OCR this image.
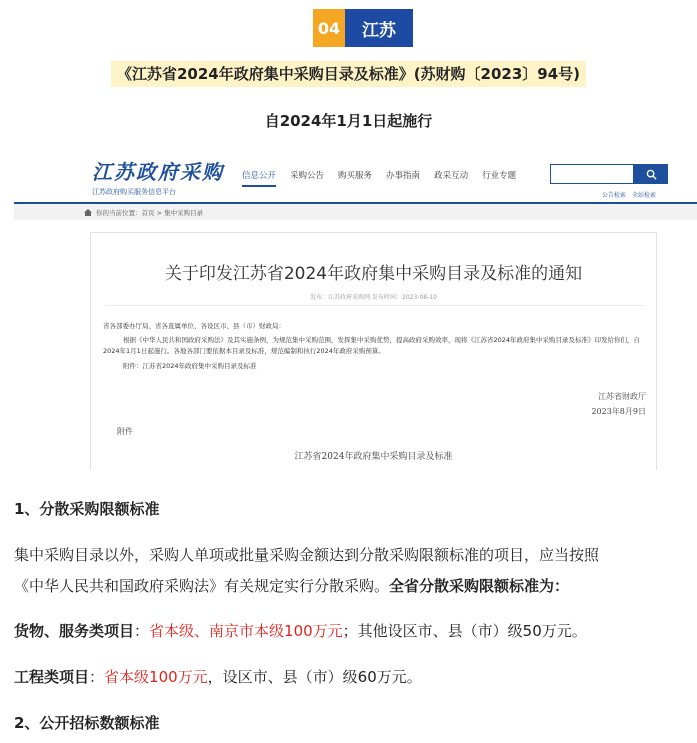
04	江苏
《江苏省2024年政府集中采购目录及标准》(苏财购〔2023〕94号)
自2024年1月1日起施行
江苏政府采购
江苏政府购买服务信息平台
信息公开 采购公告 购买服务 办事指南 政采互动 行业专题
公告检索 全站检索
你的当前位置：首页 > 集中采购目录
关于印发江苏省2024年政府集中采购目录及标准的通知
发布：江苏政府采购网 发布时间：2023-08-10
省各部委办厅局、省各直属单位、各设区市、县（市）财政局：
根据《中华人民共和国政府采购法》及其实施条例，为规范集中采购范围，发挥集中采购优势，提高政府采购效率，现将《江苏省2024年政府集中采购目录及标准》印发给你们，自2024年1月1日起施行。各地各部门要依据本目录及标准，规范编制和执行2024年政府采购预算。
附件：江苏省2024年政府集中采购目录及标准
江苏省财政厅
2023年8月9日
附件
江苏省2024年政府集中采购目录及标准
1、分散采购限额标准
集中采购目录以外，采购人单项或批量采购金额达到分散采购限额标准的项目，应当按照
《中华人民共和国政府采购法》有关规定实行分散采购。全省分散采购限额标准为：
货物、服务类项目：省本级、南京市本级100万元；其他设区市、县（市）级50万元。
工程类项目：省本级100万元，设区市、县（市）级60万元。
2、公开招标数额标准
